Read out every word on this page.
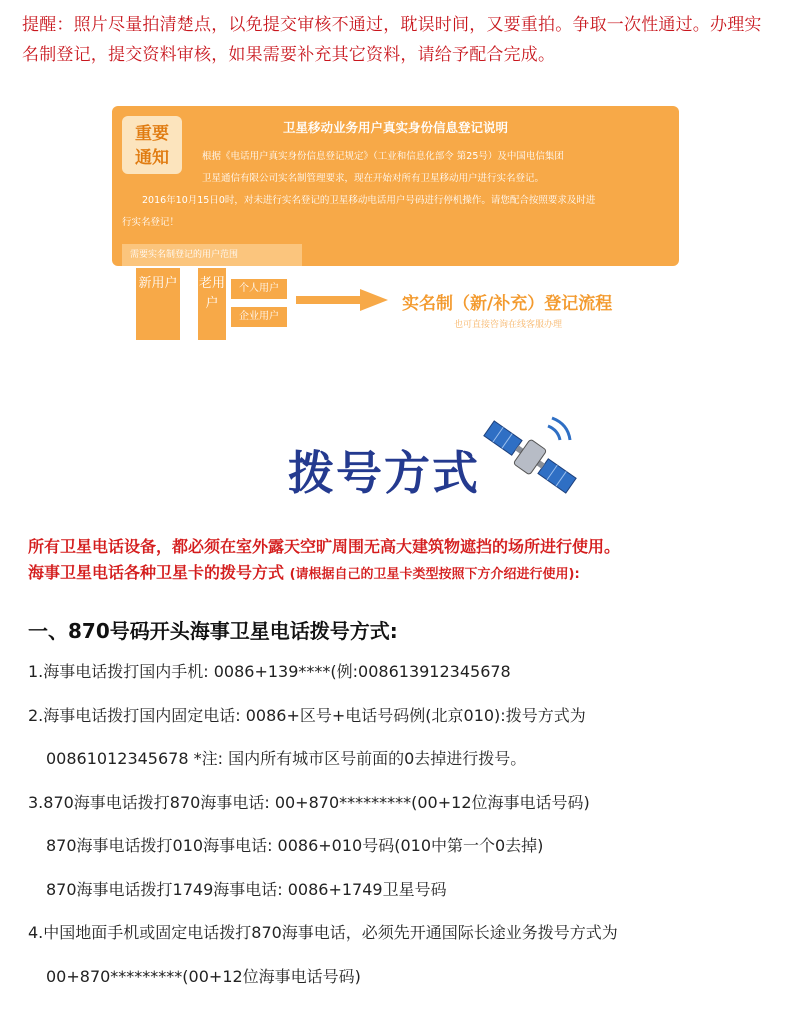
提醒：照片尽量拍清楚点，以免提交审核不通过，耽误时间，又要重拍。争取一次性通过。办理实名制登记，提交资料审核，如果需要补充其它资料，请给予配合完成。
重要
通知
卫星移动业务用户真实身份信息登记说明

根据《电话用户真实身份信息登记规定》（工业和信息化部令 第25号）及中国电信集团

卫星通信有限公司实名制管理要求，现在开始对所有卫星移动用户进行实名登记。

2016年10月15日0时，对未进行实名登记的卫星移动电话用户号码进行停机操作。请您配合按照要求及时进

行实名登记！

需要实名制登记的用户范围
新用户 老用户
个人用户
企业用户
实名制（新/补充）登记流程
也可直接咨询在线客服办理
拨号方式
所有卫星电话设备，都必须在室外露天空旷周围无高大建筑物遮挡的场所进行使用。
海事卫星电话各种卫星卡的拨号方式 (请根据自己的卫星卡类型按照下方介绍进行使用):
一、870号码开头海事卫星电话拨号方式:
1.海事电话拨打国内手机: 0086+139****(例:008613912345678
2.海事电话拨打国内固定电话: 0086+区号+电话号码例(北京010):拨号方式为
00861012345678 *注: 国内所有城市区号前面的0去掉进行拨号。
3.870海事电话拨打870海事电话: 00+870*********(00+12位海事电话号码)
870海事电话拨打010海事电话: 0086+010号码(010中第一个0去掉)
870海事电话拨打1749海事电话: 0086+1749卫星号码
4.中国地面手机或固定电话拨打870海事电话，必须先开通国际长途业务拨号方式为
00+870*********(00+12位海事电话号码)
